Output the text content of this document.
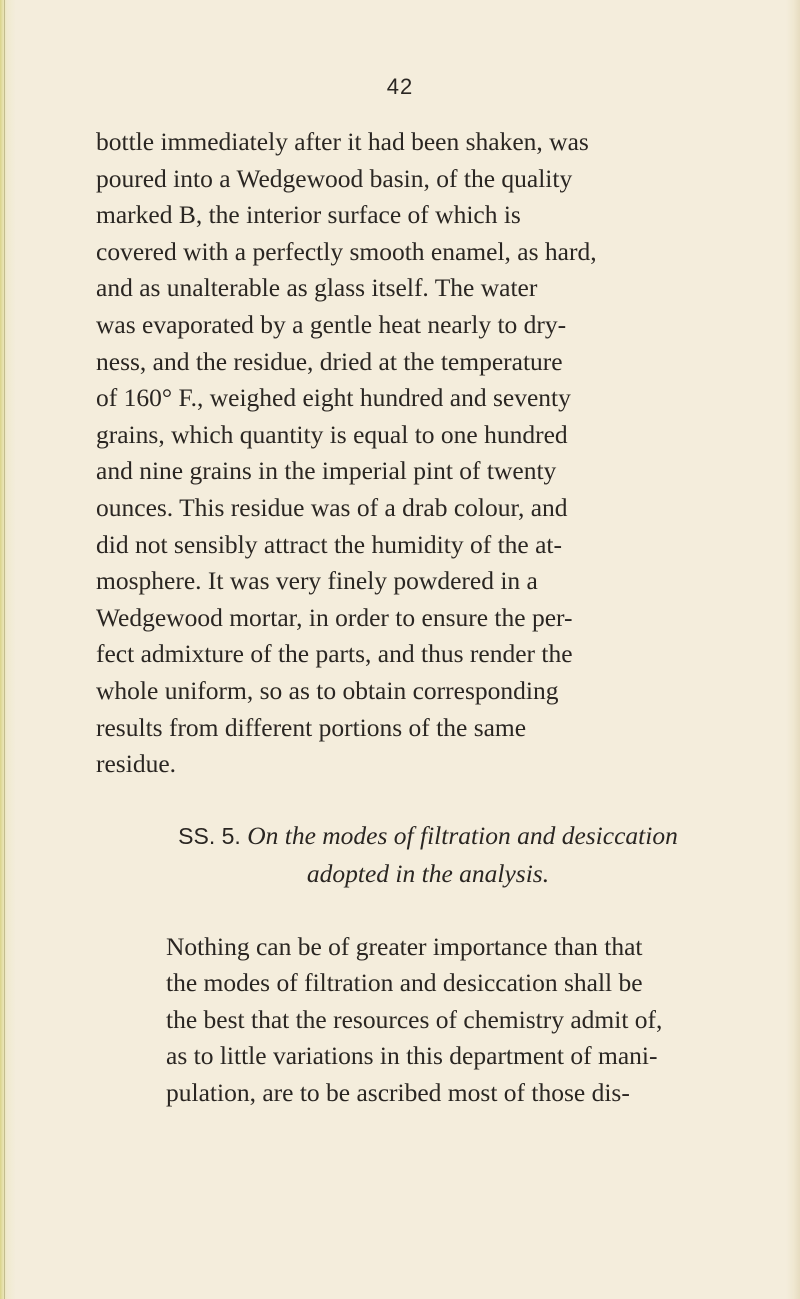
42

bottle immediately after it had been shaken, was
poured into a Wedgewood basin, of the quality
marked B, the interior surface of which is
covered with a perfectly smooth enamel, as hard,
and as unalterable as glass itself. The water
was evaporated by a gentle heat nearly to dry-
ness, and the residue, dried at the temperature
of 160° F., weighed eight hundred and seventy
grains, which quantity is equal to one hundred
and nine grains in the imperial pint of twenty
ounces. This residue was of a drab colour, and
did not sensibly attract the humidity of the at-
mosphere. It was very finely powdered in a
Wedgewood mortar, in order to ensure the per-
fect admixture of the parts, and thus render the
whole uniform, so as to obtain corresponding
results from different portions of the same
residue.

SS. 5. On the modes of filtration and desiccation
adopted in the analysis.

Nothing can be of greater importance than that
the modes of filtration and desiccation shall be
the best that the resources of chemistry admit of,
as to little variations in this department of mani-
pulation, are to be ascribed most of those dis-
